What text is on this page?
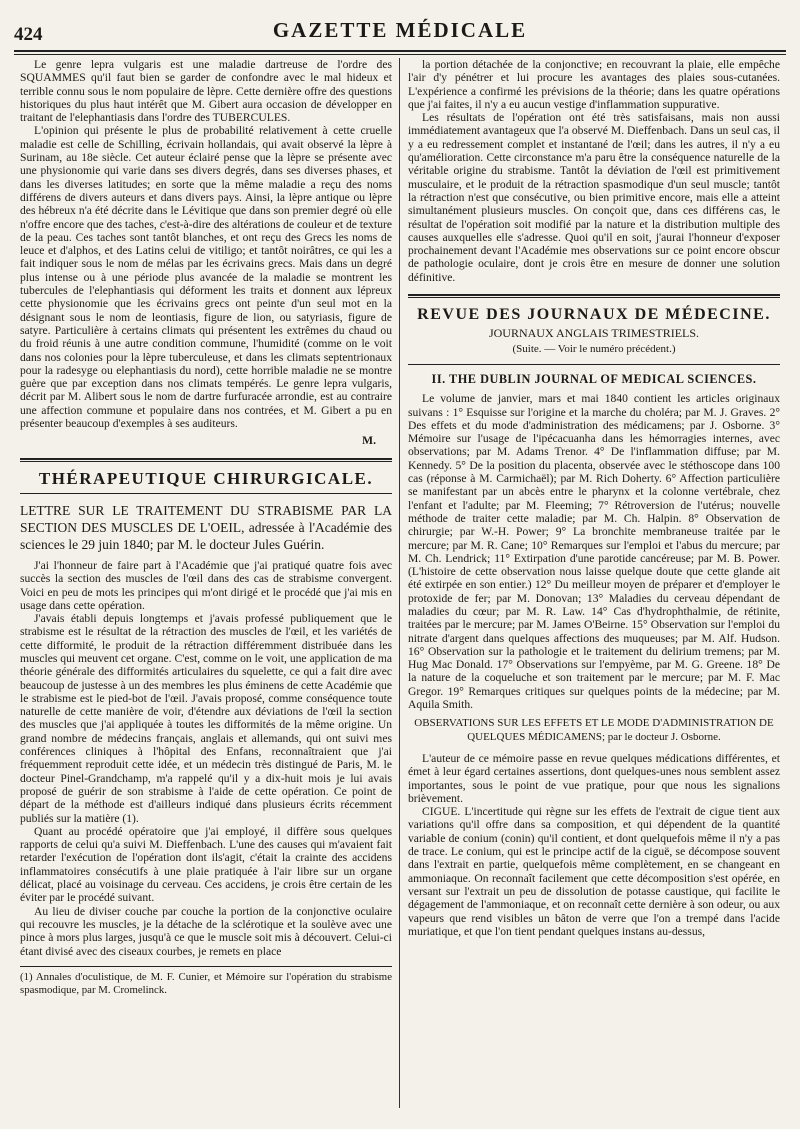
424	GAZETTE MÉDICALE

Le genre lepra vulgaris est une maladie dartreuse de l'ordre des SQUAMMES qu'il faut bien se garder de confondre avec le mal hideux et terrible connu sous le nom populaire de lèpre. Cette dernière offre des questions historiques du plus haut intérêt que M. Gibert aura occasion de développer en traitant de l'elephantiasis dans l'ordre des TUBERCULES.

L'opinion qui présente le plus de probabilité relativement à cette cruelle maladie est celle de Schilling, écrivain hollandais, qui avait observé la lèpre à Surinam, au 18e siècle. Cet auteur éclairé pense que la lèpre se présente avec une physionomie qui varie dans ses divers degrés, dans ses diverses phases, et dans les diverses latitudes; en sorte que la même maladie a reçu des noms différens de divers auteurs et dans divers pays. Ainsi, la lèpre antique ou lèpre des hébreux n'a été décrite dans le Lévitique que dans son premier degré où elle n'offre encore que des taches, c'est-à-dire des altérations de couleur et de texture de la peau. Ces taches sont tantôt blanches, et ont reçu des Grecs les noms de leuce et d'alphos, et des Latins celui de vitiligo; et tantôt noirâtres, ce qui les a fait indiquer sous le nom de mélas par les écrivains grecs. Mais dans un degré plus intense ou à une période plus avancée de la maladie se montrent les tubercules de l'elephantiasis qui déforment les traits et donnent aux lépreux cette physionomie que les écrivains grecs ont peinte d'un seul mot en la désignant sous le nom de leontiasis, figure de lion, ou satyriasis, figure de satyre. Particulière à certains climats qui présentent les extrêmes du chaud ou du froid réunis à une autre condition commune, l'humidité (comme on le voit dans nos colonies pour la lèpre tuberculeuse, et dans les climats septentrionaux pour la radesyge ou elephantiasis du nord), cette horrible maladie ne se montre guère que par exception dans nos climats tempérés. Le genre lepra vulgaris, décrit par M. Alibert sous le nom de dartre furfuracée arrondie, est au contraire une affection commune et populaire dans nos contrées, et M. Gibert a pu en présenter beaucoup d'exemples à ses auditeurs.

M.
THÉRAPEUTIQUE CHIRURGICALE.

LETTRE SUR LE TRAITEMENT DU STRABISME PAR LA SECTION DES MUSCLES DE L'OEIL, adressée à l'Académie des sciences le 29 juin 1840; par M. le docteur Jules Guérin.

J'ai l'honneur de faire part à l'Académie que j'ai pratiqué quatre fois avec succès la section des muscles de l'œil dans des cas de strabisme convergent. Voici en peu de mots les principes qui m'ont dirigé et le procédé que j'ai mis en usage dans cette opération.

J'avais établi depuis longtemps et j'avais professé publiquement que le strabisme est le résultat de la rétraction des muscles de l'œil, et les variétés de cette difformité, le produit de la rétraction différemment distribuée dans les muscles qui meuvent cet organe. C'est, comme on le voit, une application de ma théorie générale des difformités articulaires du squelette, ce qui a fait dire avec beaucoup de justesse à un des membres les plus éminens de cette Académie que le strabisme est le pied-bot de l'œil. J'avais proposé, comme conséquence toute naturelle de cette manière de voir, d'étendre aux déviations de l'œil la section des muscles que j'ai appliquée à toutes les difformités de la même origine. Un grand nombre de médecins français, anglais et allemands, qui ont suivi mes conférences cliniques à l'hôpital des Enfans, reconnaîtraient que j'ai fréquemment reproduit cette idée, et un médecin très distingué de Paris, M. le docteur Pinel-Grandchamp, m'a rappelé qu'il y a dix-huit mois je lui avais proposé de guérir de son strabisme à l'aide de cette opération. Ce point de départ de la méthode est d'ailleurs indiqué dans plusieurs écrits récemment publiés sur la matière (1).

Quant au procédé opératoire que j'ai employé, il diffère sous quelques rapports de celui qu'a suivi M. Dieffenbach. L'une des causes qui m'avaient fait retarder l'exécution de l'opération dont ils'agit, c'était la crainte des accidens inflammatoires consécutifs à une plaie pratiquée à l'air libre sur un organe délicat, placé au voisinage du cerveau. Ces accidens, je crois être certain de les éviter par le procédé suivant.

Au lieu de diviser couche par couche la portion de la conjonctive oculaire qui recouvre les muscles, je la détache de la sclérotique et la soulève avec une pince à mors plus larges, jusqu'à ce que le muscle soit mis à découvert. Celui-ci étant divisé avec des ciseaux courbes, je remets en place

(1) Annales d'oculistique, de M. F. Cunier, et Mémoire sur l'opération du strabisme spasmodique, par M. Cromelinck.

la portion détachée de la conjonctive; en recouvrant la plaie, elle empêche l'air d'y pénétrer et lui procure les avantages des plaies sous-cutanées. L'expérience a confirmé les prévisions de la théorie; dans les quatre opérations que j'ai faites, il n'y a eu aucun vestige d'inflammation suppurative.

Les résultats de l'opération ont été très satisfaisans, mais non aussi immédiatement avantageux que l'a observé M. Dieffenbach. Dans un seul cas, il y a eu redressement complet et instantané de l'œil; dans les autres, il n'y a eu qu'amélioration. Cette circonstance m'a paru être la conséquence naturelle de la véritable origine du strabisme. Tantôt la déviation de l'œil est primitivement musculaire, et le produit de la rétraction spasmodique d'un seul muscle; tantôt la rétraction n'est que consécutive, ou bien primitive encore, mais elle a atteint simultanément plusieurs muscles. On conçoit que, dans ces différens cas, le résultat de l'opération soit modifié par la nature et la distribution multiple des causes auxquelles elle s'adresse. Quoi qu'il en soit, j'aurai l'honneur d'exposer prochainement devant l'Académie mes observations sur ce point encore obscur de pathologie oculaire, dont je crois être en mesure de donner une solution définitive.

REVUE DES JOURNAUX DE MÉDECINE.
JOURNAUX ANGLAIS TRIMESTRIELS.
(Suite. — Voir le numéro précédent.)
II. THE DUBLIN JOURNAL OF MEDICAL SCIENCES.

Le volume de janvier, mars et mai 1840 contient les articles originaux suivans : 1° Esquisse sur l'origine et la marche du choléra; par M. J. Graves. 2° Des effets et du mode d'administration des médicamens; par J. Osborne. 3° Mémoire sur l'usage de l'ipécacuanha dans les hémorragies internes, avec observations; par M. Adams Trenor. 4° De l'inflammation diffuse; par M. Kennedy. 5° De la position du placenta, observée avec le stéthoscope dans 100 cas (réponse à M. Carmichaël); par M. Rich Doherty. 6° Affection particulière se manifestant par un abcès entre le pharynx et la colonne vertébrale, chez l'enfant et l'adulte; par M. Fleeming; 7° Rétroversion de l'utérus; nouvelle méthode de traiter cette maladie; par M. Ch. Halpin. 8° Observation de chirurgie; par W.-H. Power; 9° La bronchite membraneuse traitée par le mercure; par M. R. Cane; 10° Remarques sur l'emploi et l'abus du mercure; par M. Ch. Lendrick; 11° Extirpation d'une parotide cancéreuse; par M. B. Power. (L'histoire de cette observation nous laisse quelque doute que cette glande ait été extirpée en son entier.) 12° Du meilleur moyen de préparer et d'employer le protoxide de fer; par M. Donovan; 13° Maladies du cerveau dépendant de maladies du cœur; par M. R. Law. 14° Cas d'hydrophthalmie, de rétinite, traitées par le mercure; par M. James O'Beirne. 15° Observation sur l'emploi du nitrate d'argent dans quelques affections des muqueuses; par M. Alf. Hudson. 16° Observation sur la pathologie et le traitement du delirium tremens; par M. Hug Mac Donald. 17° Observations sur l'empyème, par M. G. Greene. 18° De la nature de la coqueluche et son traitement par le mercure; par M. F. Mac Gregor. 19° Remarques critiques sur quelques points de la médecine; par M. Aquila Smith.

OBSERVATIONS SUR LES EFFETS ET LE MODE D'ADMINISTRATION DE QUELQUES MÉDICAMENS; par le docteur J. Osborne.

L'auteur de ce mémoire passe en revue quelques médications différentes, et émet à leur égard certaines assertions, dont quelques-unes nous semblent assez importantes, sous le point de vue pratique, pour que nous les signalions brièvement.

CIGUE. L'incertitude qui règne sur les effets de l'extrait de cigue tient aux variations qu'il offre dans sa composition, et qui dépendent de la quantité variable de conium (conin) qu'il contient, et dont quelquefois même il n'y a pas de trace. Le conium, qui est le principe actif de la ciguë, se décompose souvent dans l'extrait en partie, quelquefois même complètement, en se changeant en ammoniaque. On reconnaît facilement que cette décomposition s'est opérée, en versant sur l'extrait un peu de dissolution de potasse caustique, qui facilite le dégagement de l'ammoniaque, et on reconnaît cette dernière à son odeur, ou aux vapeurs que rend visibles un bâton de verre que l'on a trempé dans l'acide muriatique, et que l'on tient pendant quelques instans au-dessus,
